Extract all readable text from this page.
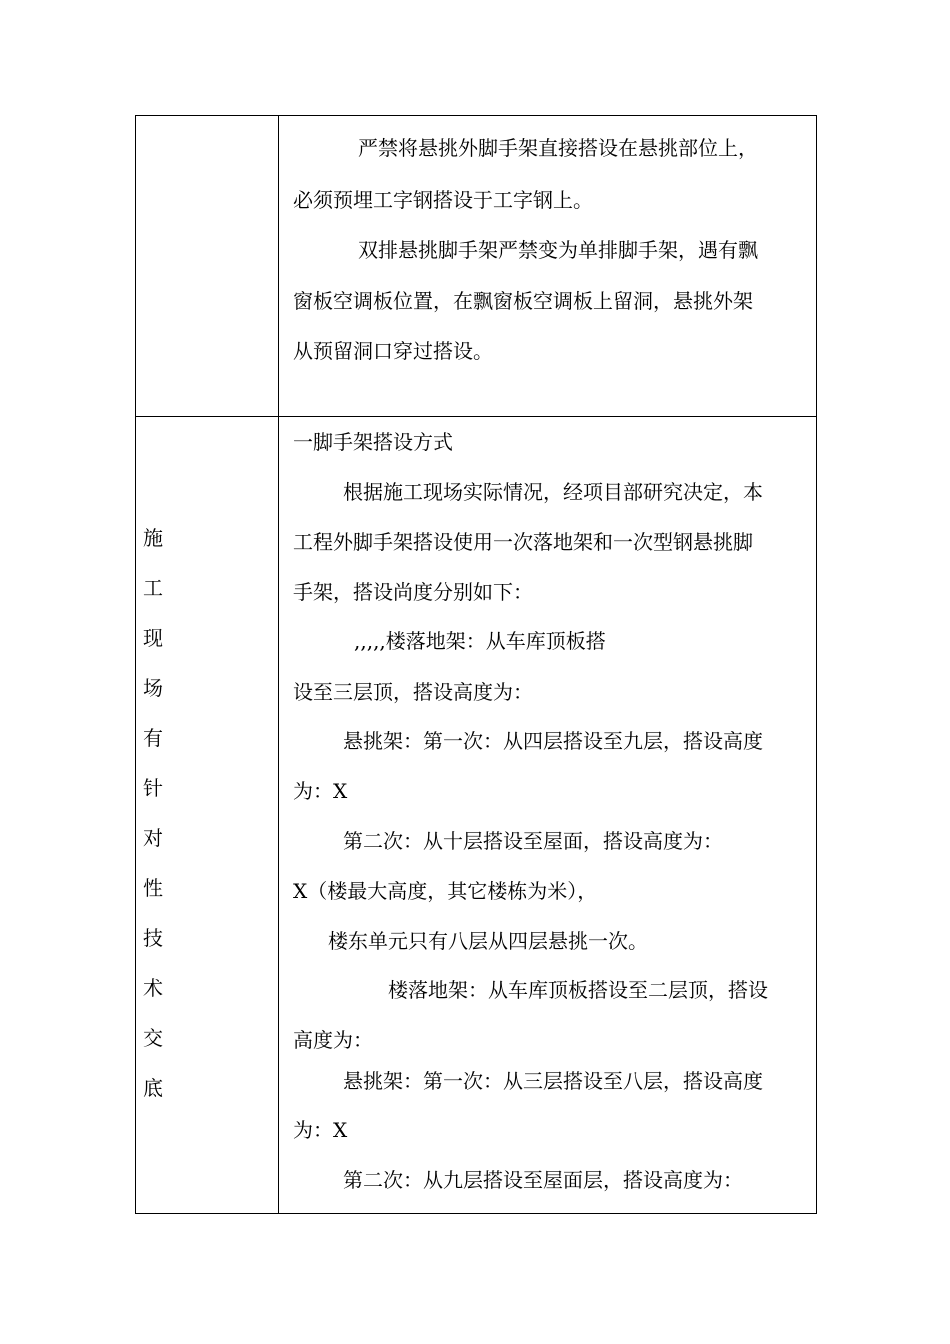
严禁将悬挑外脚手架直接搭设在悬挑部位上，
必须预埋工字钢搭设于工字钢上。
双排悬挑脚手架严禁变为单排脚手架，遇有飘
窗板空调板位置，在飘窗板空调板上留洞，悬挑外架
从预留洞口穿过搭设。
施
工
现
场
有
针
对
性
技
术
交
底
一脚手架搭设方式
根据施工现场实际情况，经项目部研究决定，本
工程外脚手架搭设使用一次落地架和一次型钢悬挑脚
手架，搭设尚度分别如下：
,,,,,楼落地架：从车库顶板搭
设至三层顶，搭设高度为：
悬挑架：第一次：从四层搭设至九层，搭设高度
为：X
第二次：从十层搭设至屋面，搭设高度为：
X（楼最大高度，其它楼栋为米），
楼东单元只有八层从四层悬挑一次。
楼落地架：从车库顶板搭设至二层顶，搭设
高度为：
悬挑架：第一次：从三层搭设至八层，搭设高度
为：X
第二次：从九层搭设至屋面层，搭设高度为：
